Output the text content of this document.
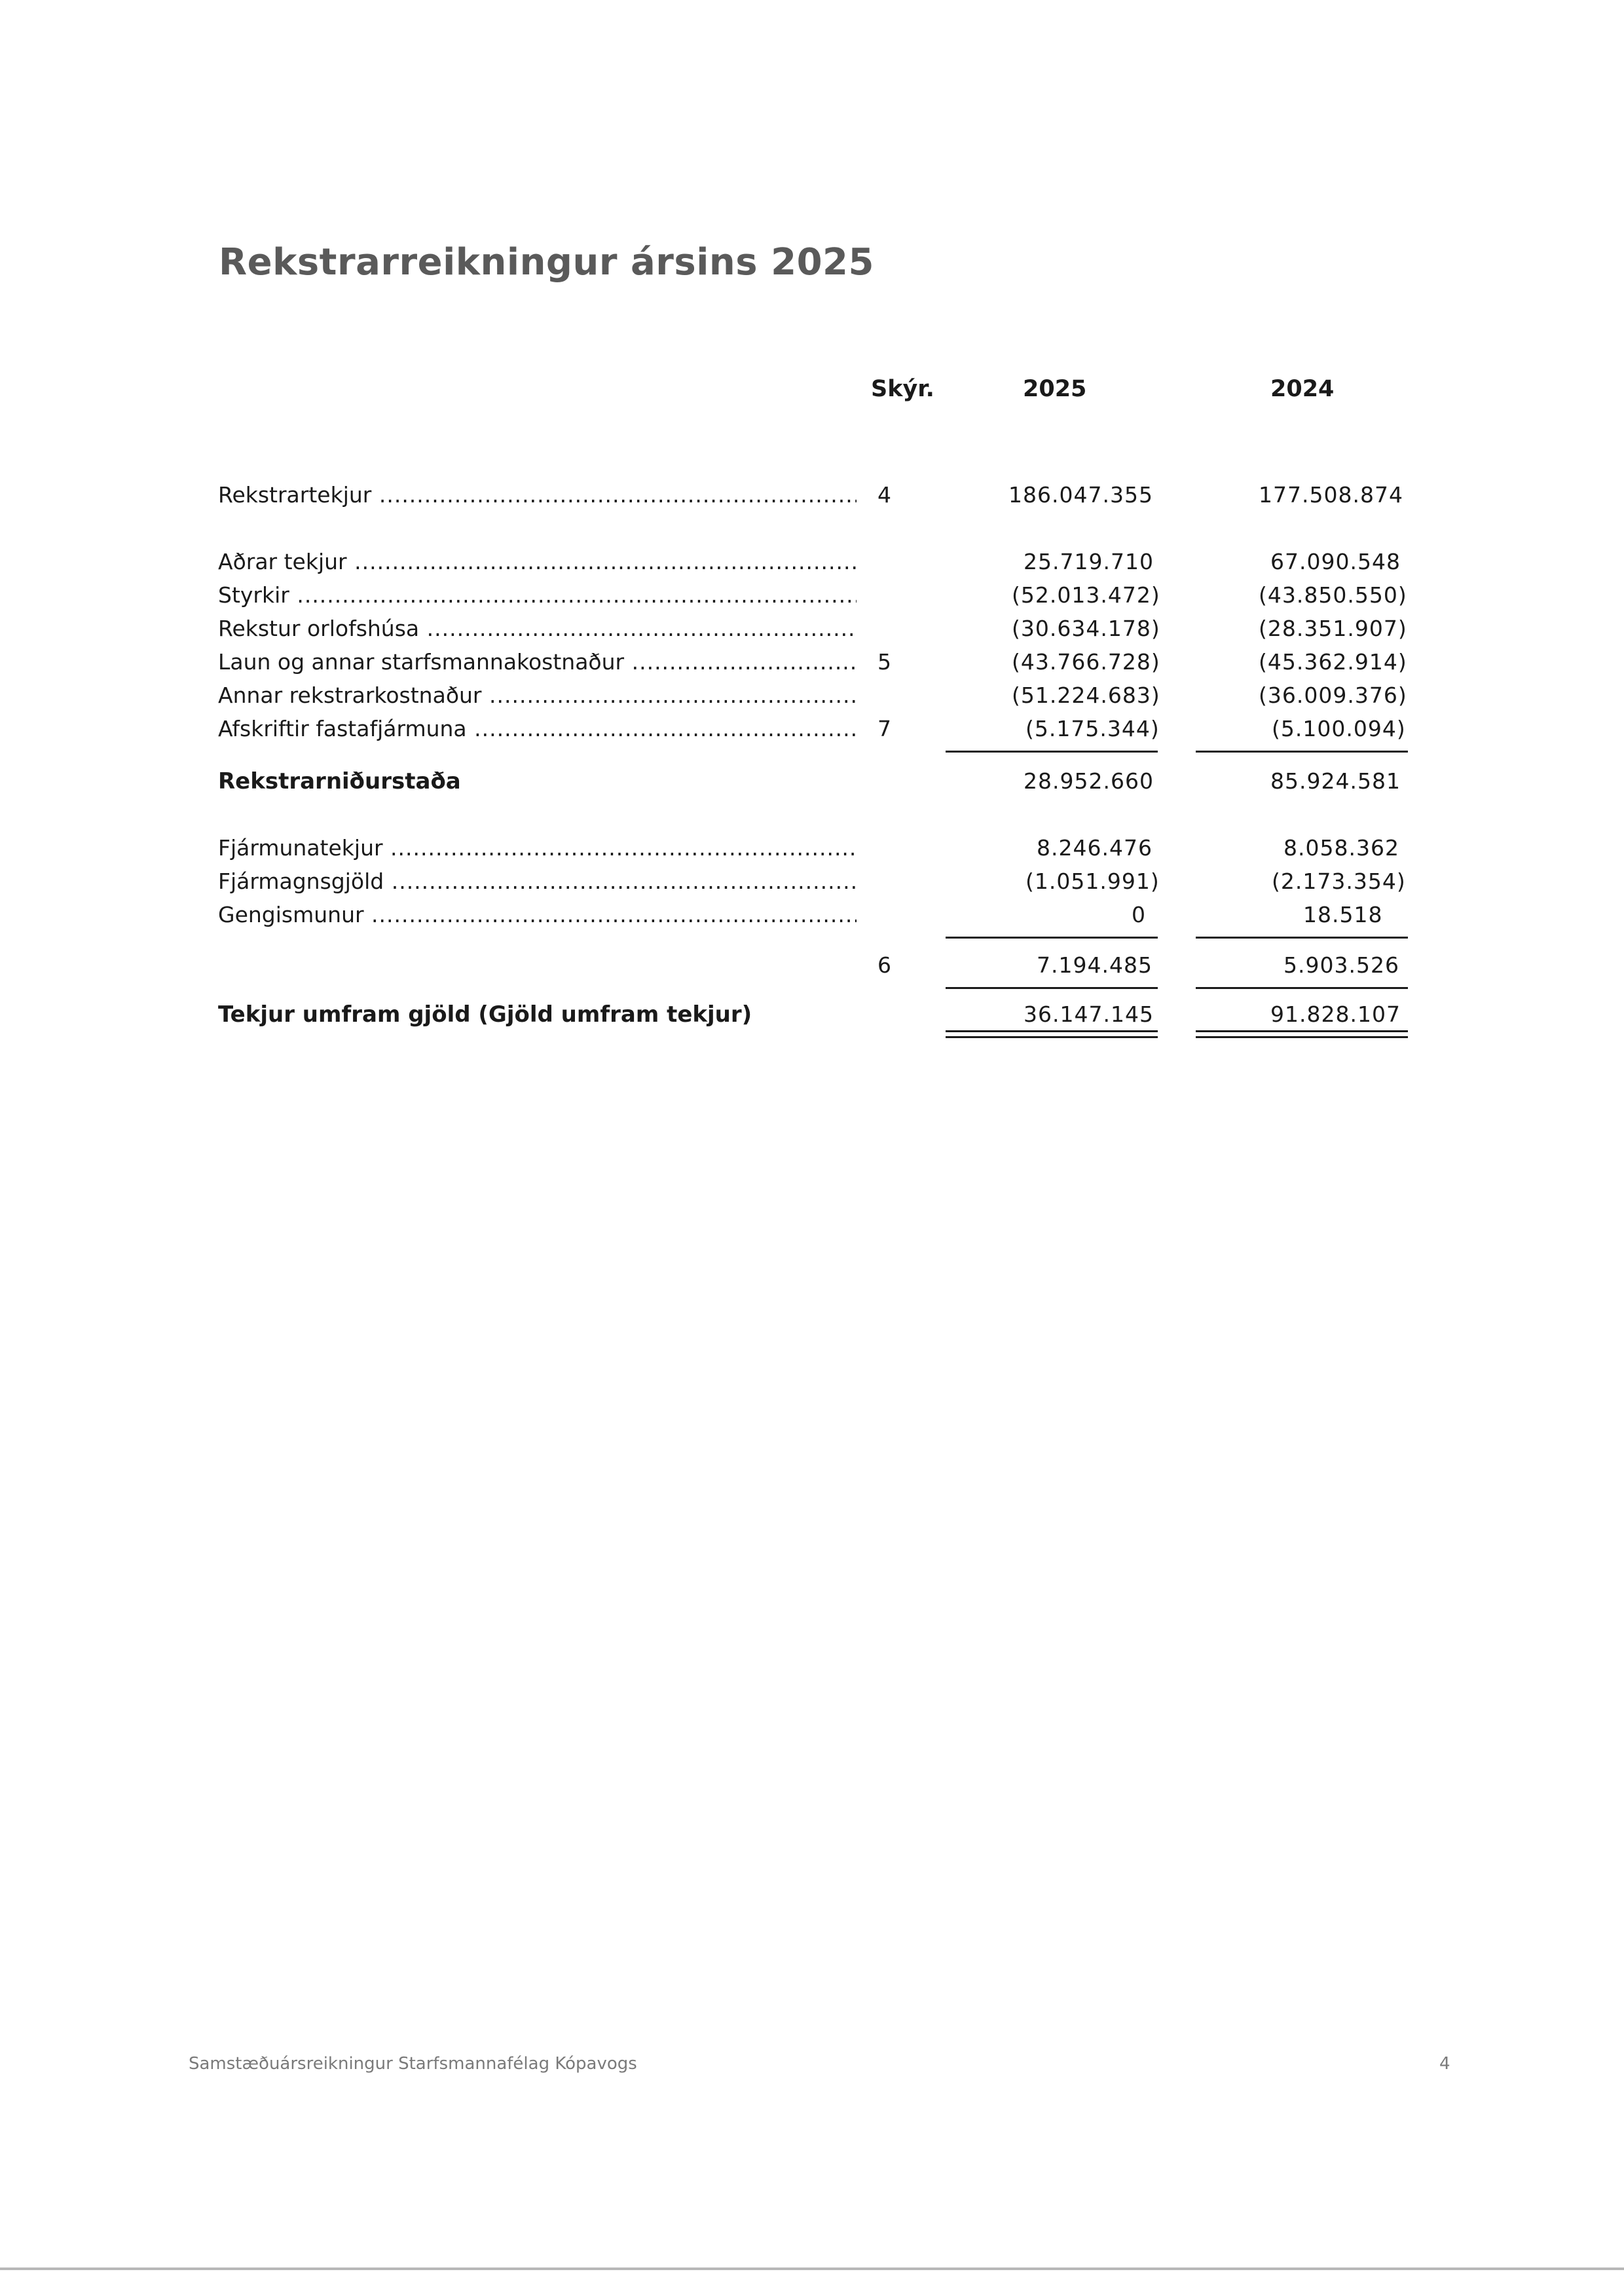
Rekstrarreikningur ársins 2025
Skýr.	2025	2024
Rekstrartekjur .....	4	186.047.355	177.508.874
Aðrar tekjur .....	25.719.710	67.090.548
Styrkir .....	(52.013.472)	(43.850.550)
Rekstur orlofshúsa .....	(30.634.178)	(28.351.907)
Laun og annar starfsmannakostnaður .....	5	(43.766.728)	(45.362.914)
Annar rekstrarkostnaður .....	(51.224.683)	(36.009.376)
Afskriftir fastafjármuna .....	7	(5.175.344)	(5.100.094)
Rekstrarniðurstaða	28.952.660	85.924.581
Fjármunatekjur .....	8.246.476	8.058.362
Fjármagnsgjöld .....	(1.051.991)	(2.173.354)
Gengismunur .....	0	18.518
6	7.194.485	5.903.526
Tekjur umfram gjöld (Gjöld umfram tekjur)	36.147.145	91.828.107
Samstæðuársreikningur Starfsmannafélag Kópavogs	4
